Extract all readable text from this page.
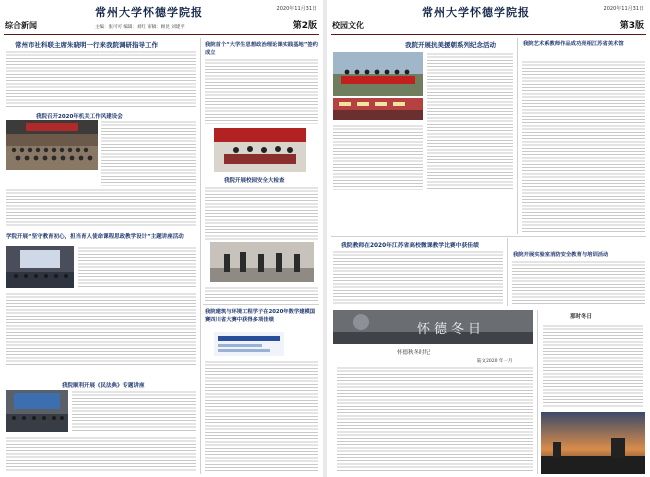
综合新闻
常州大学怀德学院报	2020年11月31日
主编：张可可 编辑：刘红 审稿：顾昆 刘建平	第2版
常州市社科联主席朱晓明一行来我院调研指导工作
我院召开2020年机关工作风建设会
学院开展“坚守教育初心，担当育人使命课程思政教学设计”主题讲座活动
我院顺利开展《民法典》专题讲座
我院首个“大学生思想政治理论课实践基地”签约成立
我院开展校园安全大检查
我院建筑与环境工程学子在2020年数学建模国赛四川省大赛中获得多项佳绩
校园文化
常州大学怀德学院报	2020年11月31日
第3版
我院开展抗美援朝系列纪念活动	我院艺术系教师作品成功亮相江苏省美术馆
我院教师在2020年江苏省高校微课教学比赛中获佳绩
我院开展实验室消防安全教育与培训活动
怀德冬日
怀德秋冬时纪
陆文2020 年一月
那时冬日
